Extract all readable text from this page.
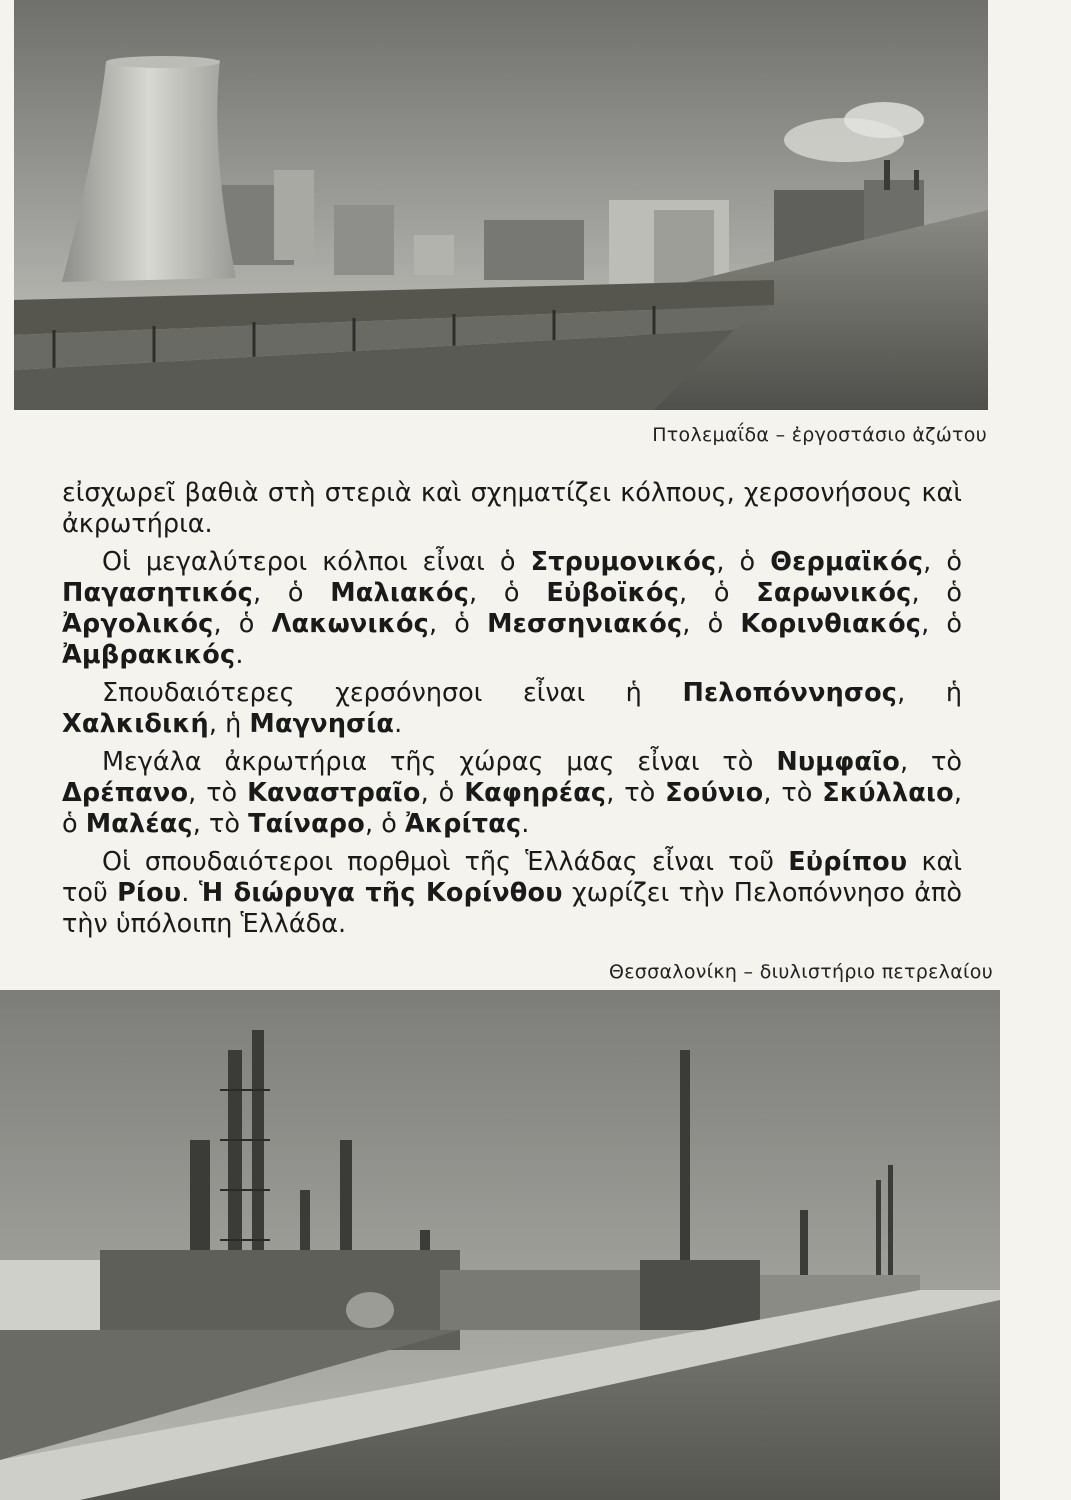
Πτολεμαΐδα – ἐργοστάσιο ἀζώτου

εἰσχωρεῖ βαθιὰ στὴ στεριὰ καὶ σχηματίζει κόλπους, χερσονήσους καὶ ἀκρωτήρια.

Οἱ μεγαλύτεροι κόλποι εἶναι ὁ Στρυμονικός, ὁ Θερμαϊκός, ὁ Παγασητικός, ὁ Μαλιακός, ὁ Εὐβοϊκός, ὁ Σαρωνικός, ὁ Ἀργολικός, ὁ Λακωνικός, ὁ Μεσσηνιακός, ὁ Κορινθιακός, ὁ Ἀμβρακικός.

Σπουδαιότερες χερσόνησοι εἶναι ἡ Πελοπόννησος, ἡ Χαλκιδική, ἡ Μαγνησία.

Μεγάλα ἀκρωτήρια τῆς χώρας μας εἶναι τὸ Νυμφαῖο, τὸ Δρέπανο, τὸ Καναστραῖο, ὁ Καφηρέας, τὸ Σούνιο, τὸ Σκύλλαιο, ὁ Μαλέας, τὸ Ταίναρο, ὁ Ἀκρίτας.

Οἱ σπουδαιότεροι πορθμοὶ τῆς Ἑλλάδας εἶναι τοῦ Εὐρίπου καὶ τοῦ Ρίου. Ἡ διώρυγα τῆς Κορίνθου χωρίζει τὴν Πελοπόννησο ἀπὸ τὴν ὑπόλοιπη Ἑλλάδα.

Θεσσαλονίκη – διυλιστήριο πετρελαίου
